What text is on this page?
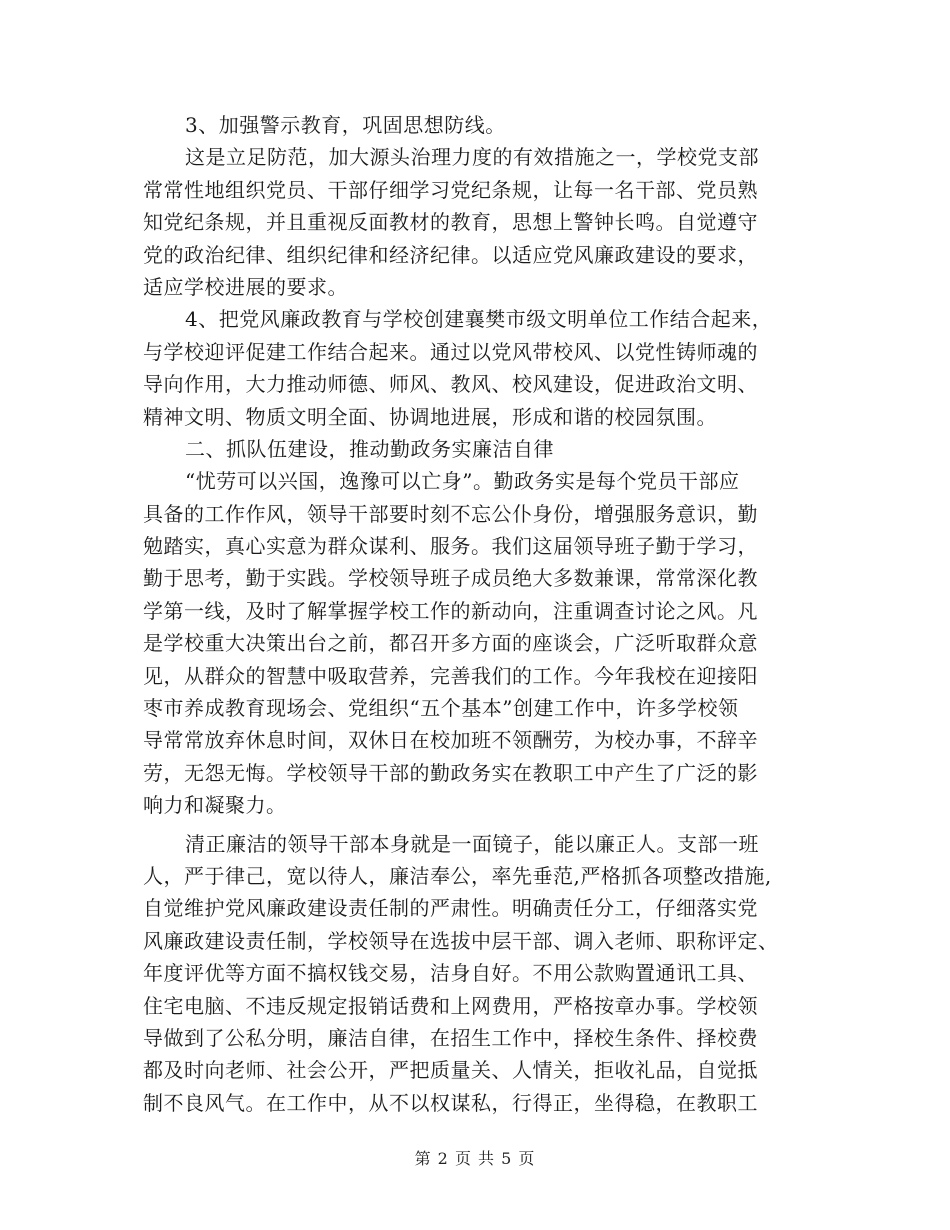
3、加强警示教育，巩固思想防线。
这是立足防范，加大源头治理力度的有效措施之一，学校党支部
常常性地组织党员、干部仔细学习党纪条规，让每一名干部、党员熟
知党纪条规，并且重视反面教材的教育，思想上警钟长鸣。自觉遵守
党的政治纪律、组织纪律和经济纪律。以适应党风廉政建设的要求，
适应学校进展的要求。
4、把党风廉政教育与学校创建襄樊市级文明单位工作结合起来，
与学校迎评促建工作结合起来。通过以党风带校风、以党性铸师魂的
导向作用，大力推动师德、师风、教风、校风建设，促进政治文明、
精神文明、物质文明全面、协调地进展，形成和谐的校园氛围。
二、抓队伍建设，推动勤政务实廉洁自律
“忧劳可以兴国，逸豫可以亡身”。勤政务实是每个党员干部应
具备的工作作风，领导干部要时刻不忘公仆身份，增强服务意识，勤
勉踏实，真心实意为群众谋利、服务。我们这届领导班子勤于学习，
勤于思考，勤于实践。学校领导班子成员绝大多数兼课，常常深化教
学第一线，及时了解掌握学校工作的新动向，注重调查讨论之风。凡
是学校重大决策出台之前，都召开多方面的座谈会，广泛听取群众意
见，从群众的智慧中吸取营养，完善我们的工作。今年我校在迎接阳
枣市养成教育现场会、党组织“五个基本”创建工作中，许多学校领
导常常放弃休息时间，双休日在校加班不领酬劳，为校办事，不辞辛
劳，无怨无悔。学校领导干部的勤政务实在教职工中产生了广泛的影
响力和凝聚力。
清正廉洁的领导干部本身就是一面镜子，能以廉正人。支部一班
人，严于律己，宽以待人，廉洁奉公，率先垂范,严格抓各项整改措施,
自觉维护党风廉政建设责任制的严肃性。明确责任分工，仔细落实党
风廉政建设责任制，学校领导在选拔中层干部、调入老师、职称评定、
年度评优等方面不搞权钱交易，洁身自好。不用公款购置通讯工具、
住宅电脑、不违反规定报销话费和上网费用，严格按章办事。学校领
导做到了公私分明，廉洁自律，在招生工作中，择校生条件、择校费
都及时向老师、社会公开，严把质量关、人情关，拒收礼品，自觉抵
制不良风气。在工作中，从不以权谋私，行得正，坐得稳，在教职工
第 2 页 共 5 页
